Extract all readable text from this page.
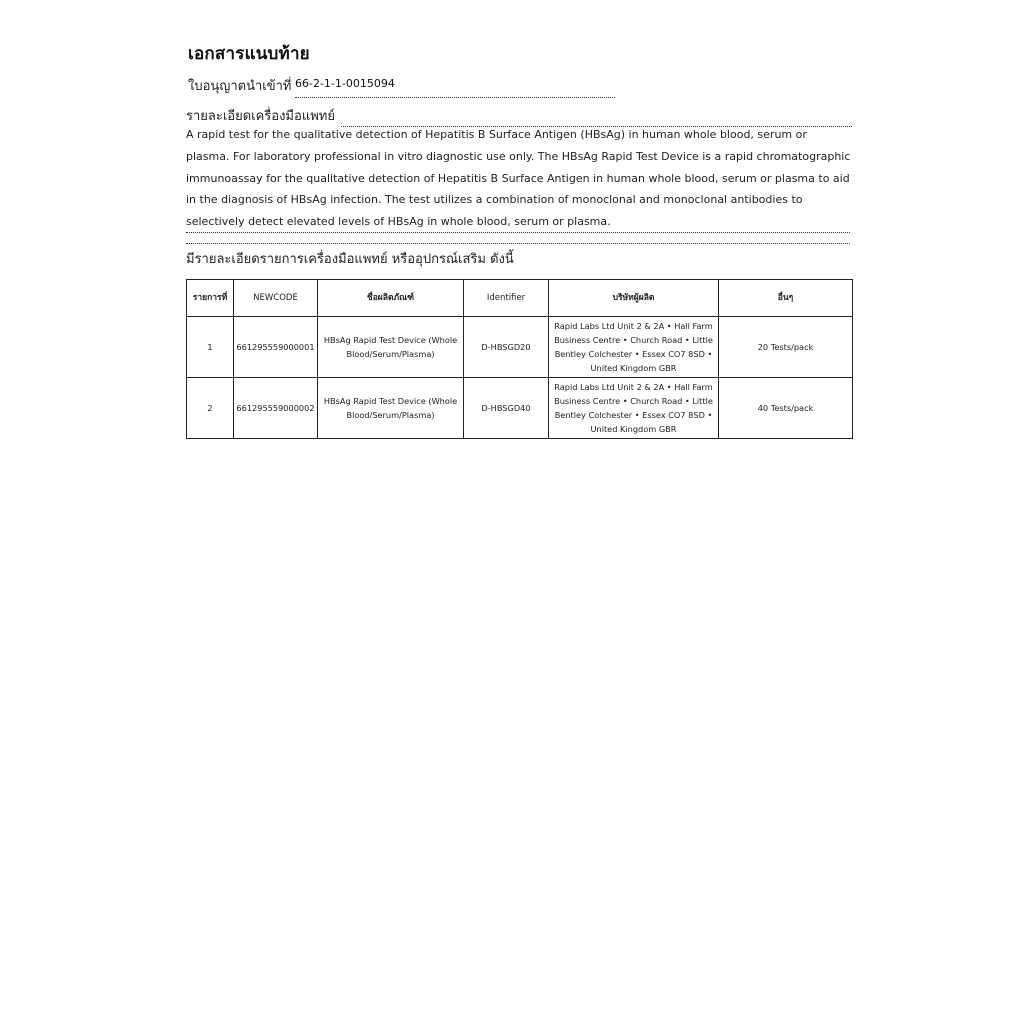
เอกสารแนบท้าย
ใบอนุญาตนำเข้าที่ 66-2-1-1-0015094
รายละเอียดเครื่องมือแพทย์
A rapid test for the qualitative detection of Hepatitis B Surface Antigen (HBsAg) in human whole blood, serum or plasma. For laboratory professional in vitro diagnostic use only. The HBsAg Rapid Test Device is a rapid chromatographic immunoassay for the qualitative detection of Hepatitis B Surface Antigen in human whole blood, serum or plasma to aid in the diagnosis of HBsAg infection. The test utilizes a combination of monoclonal and monoclonal antibodies to selectively detect elevated levels of HBsAg in whole blood, serum or plasma.
มีรายละเอียดรายการเครื่องมือแพทย์ หรืออุปกรณ์เสริม ดังนี้
รายการที่	NEWCODE	ชื่อผลิตภัณฑ์	Identifier	บริษัทผู้ผลิต	อื่นๆ
1	661295559000001	HBsAg Rapid Test Device (Whole Blood/Serum/Plasma)	D-HBSGD20	Rapid Labs Ltd Unit 2 & 2A • Hall Farm Business Centre • Church Road • Little Bentley Colchester • Essex CO7 8SD • United Kingdom GBR	20 Tests/pack
2	661295559000002	HBsAg Rapid Test Device (Whole Blood/Serum/Plasma)	D-HBSGD40	Rapid Labs Ltd Unit 2 & 2A • Hall Farm Business Centre • Church Road • Little Bentley Colchester • Essex CO7 8SD • United Kingdom GBR	40 Tests/pack
